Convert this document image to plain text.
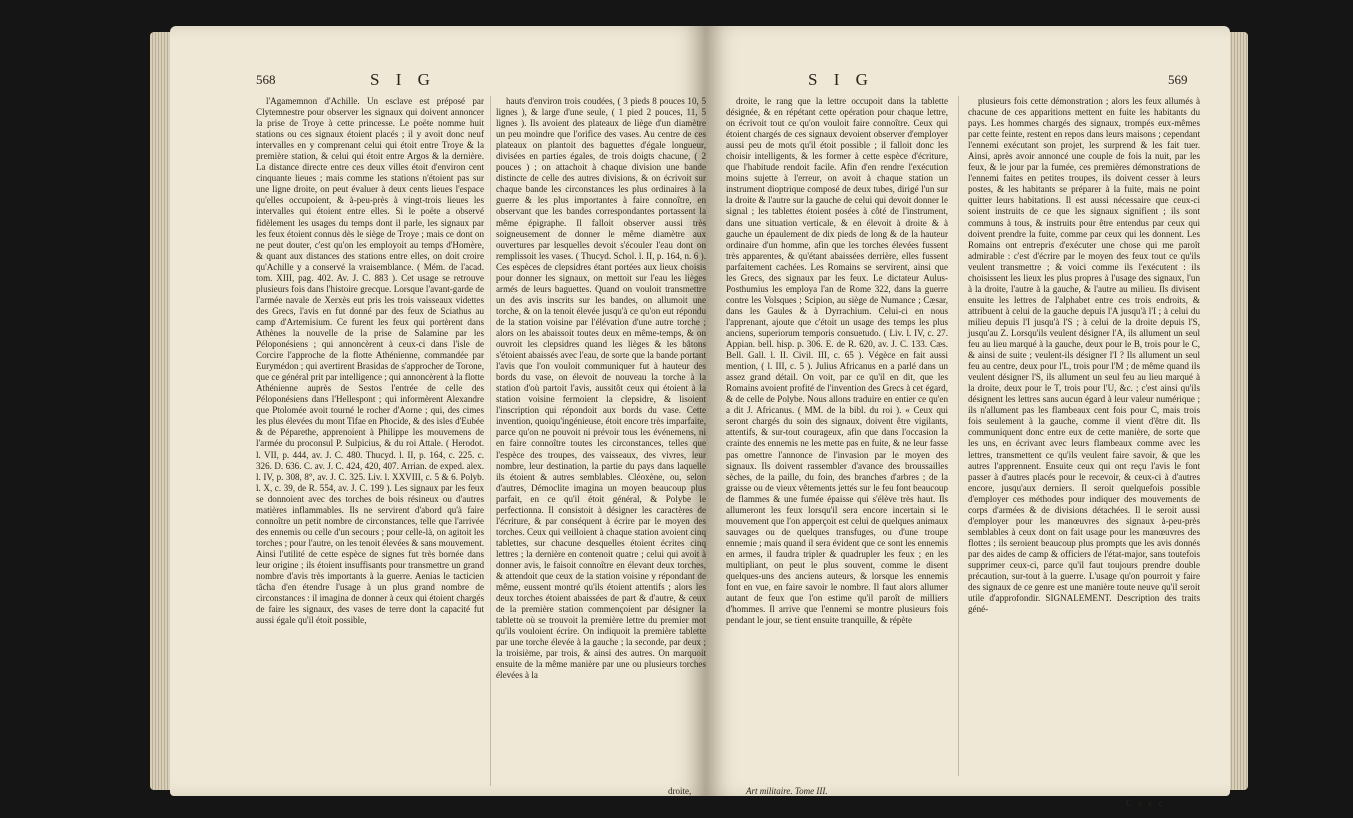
568	S I G

l'Agamemnon d'Achille. Un esclave est préposé par Clytemnestre pour observer les signaux qui doivent annoncer la prise de Troye à cette princesse. Le poëte nomme huit stations ou ces signaux étoient placés ; il y avoit donc neuf intervalles en y comprenant celui qui étoit entre Troye & la première station, & celui qui étoit entre Argos & la dernière. La distance directe entre ces deux villes étoit d'environ cent cinquante lieues ; mais comme les stations n'étoient pas sur une ligne droite, on peut évaluer à deux cents lieues l'espace qu'elles occupoient, & à-peu-près à vingt-trois lieues les intervalles qui étoient entre elles. Si le poëte a observé fidèlement les usages du temps dont il parle, les signaux par les feux étoient connus dès le siège de Troye ; mais ce dont on ne peut douter, c'est qu'on les employoit au temps d'Homère, & quant aux distances des stations entre elles, on doit croire qu'Achille y a conservé la vraisemblance. ( Mém. de l'acad. tom. XIII, pag. 402. Av. J. C. 883 ). Cet usage se retrouve plusieurs fois dans l'histoire grecque. Lorsque l'avant-garde de l'armée navale de Xerxès eut pris les trois vaisseaux videttes des Grecs, l'avis en fut donné par des feux de Sciathus au camp d'Artemisium. Ce furent les feux qui portèrent dans Athènes la nouvelle de la prise de Salamine par les Péloponésiens ; qui annoncèrent à ceux-ci dans l'isle de Corcire l'approche de la flotte Athénienne, commandée par Eurymédon ; qui avertirent Brasidas de s'approcher de Torone, que ce général prit par intelligence ; qui annoncèrent à la flotte Athénienne auprès de Sestos l'entrée de celle des Péloponésiens dans l'Hellespont ; qui informèrent Alexandre que Ptolomée avoit tourné le rocher d'Aorne ; qui, des cimes les plus élevées du mont Tifae en Phocide, & des isles d'Eubée & de Péparethe, apprenoient à Philippe les mouvemens de l'armée du proconsul P. Sulpicius, & du roi Attale. ( Herodot. l. VII, p. 444, av. J. C. 480. Thucyd. l. II, p. 164, c. 225. c. 326. D. 636. C. av. J. C. 424, 420, 407. Arrian. de exped. alex. l. IV, p. 308, 8°, av. J. C. 325. Liv. l. XXVIII, c. 5 & 6. Polyb. l. X, c. 39, de R. 554, av. J. C. 199 ). Les signaux par les feux se donnoient avec des torches de bois résineux ou d'autres matières inflammables. Ils ne servirent d'abord qu'à faire connoître un petit nombre de circonstances, telle que l'arrivée des ennemis ou celle d'un secours ; pour celle-là, on agitoit les torches ; pour l'autre, on les tenoit élevées & sans mouvement. Ainsi l'utilité de cette espèce de signes fut très bornée dans leur origine ; ils étoient insuffisants pour transmettre un grand nombre d'avis très importants à la guerre. Aenias le tacticien tâcha d'en étendre l'usage à un plus grand nombre de circonstances : il imagina de donner à ceux qui étoient chargés de faire les signaux, des vases de terre dont la capacité fut aussi égale qu'il étoit possible,

hauts d'environ trois coudées, ( 3 pieds 8 pouces 10, 5 lignes ), & large d'une seule, ( 1 pied 2 pouces, 11, 5 lignes ). Ils avoient des plateaux de liège d'un diamètre un peu moindre que l'orifice des vases. Au centre de ces plateaux on plantoit des baguettes d'égale longueur, divisées en parties égales, de trois doigts chacune, ( 2 pouces ) ; on attachoit à chaque division une bande distincte de celle des autres divisions, & on écrivoit sur chaque bande les circonstances les plus ordinaires à la guerre & les plus importantes à faire connoître, en observant que les bandes correspondantes portassent la même épigraphe. Il falloit observer aussi très soigneusement de donner le même diamètre aux ouvertures par lesquelles devoit s'écouler l'eau dont on remplissoit les vases. ( Thucyd. Schol. l. II, p. 164, n. 6 ). Ces espèces de clepsidres étant portées aux lieux choisis pour donner les signaux, on mettoit sur l'eau les lièges armés de leurs baguettes. Quand on vouloit transmettre un des avis inscrits sur les bandes, on allumoit une torche, & on la tenoit élevée jusqu'à ce qu'on eut répondu de la station voisine par l'élévation d'une autre torche ; alors on les abaissoit toutes deux en même-temps, & on ouvroit les clepsidres quand les lièges & les bâtons s'étoient abaissés avec l'eau, de sorte que la bande portant l'avis que l'on vouloit communiquer fut à hauteur des bords du vase, on élevoit de nouveau la torche à la station d'où partoit l'avis, aussitôt ceux qui étoient à la station voisine fermoient la clepsidre, & lisoient l'inscription qui répondoit aux bords du vase. Cette invention, quoiqu'ingénieuse, étoit encore très imparfaite, parce qu'on ne pouvoit ni prévoir tous les événemens, ni en faire connoître toutes les circonstances, telles que l'espèce des troupes, des vaisseaux, des vivres, leur nombre, leur destination, la partie du pays dans laquelle ils étoient & autres semblables. Cléoxène, ou, selon d'autres, Démoclite imagina un moyen beaucoup plus parfait, en ce qu'il étoit général, & Polybe le perfectionna. Il consistoit à désigner les caractères de l'écriture, & par conséquent à écrire par le moyen des torches. Ceux qui veilloient à chaque station avoient cinq tablettes, sur chacune desquelles étoient écrites cinq lettres ; la dernière en contenoit quatre ; celui qui avoit à donner avis, le faisoit connoître en élevant deux torches, & attendoit que ceux de la station voisine y répondant de même, eussent montré qu'ils étoient attentifs ; alors les deux torches étoient abaissées de part & d'autre, & ceux de la première station commençoient par désigner la tablette où se trouvoit la première lettre du premier mot qu'ils vouloient écrire. On indiquoit la première tablette par une torche élevée à la gauche ; la seconde, par deux ; la troisième, par trois, & ainsi des autres. On marquoit ensuite de la même manière par une ou plusieurs torches élevées à la

droite,
S I G	569

droite, le rang que la lettre occupoit dans la tablette désignée, & en répétant cette opération pour chaque lettre, on écrivoit tout ce qu'on vouloit faire connoître. Ceux qui étoient chargés de ces signaux devoient observer d'employer aussi peu de mots qu'il étoit possible ; il falloit donc les choisir intelligents, & les former à cette espèce d'écriture, que l'habitude rendoit facile. Afin d'en rendre l'exécution moins sujette à l'erreur, on avoit à chaque station un instrument dioptrique composé de deux tubes, dirigé l'un sur la droite & l'autre sur la gauche de celui qui devoit donner le signal ; les tablettes étoient posées à côté de l'instrument, dans une situation verticale, & en élevoit à droite & à gauche un épaulement de dix pieds de long & de la hauteur ordinaire d'un homme, afin que les torches élevées fussent très apparentes, & qu'étant abaissées derrière, elles fussent parfaitement cachées. Les Romains se servirent, ainsi que les Grecs, des signaux par les feux. Le dictateur Aulus-Posthumius les employa l'an de Rome 322, dans la guerre contre les Volsques ; Scipion, au siège de Numance ; Cæsar, dans les Gaules & à Dyrrachium. Celui-ci en nous l'apprenant, ajoute que c'étoit un usage des temps les plus anciens, superiorum temporis consuetudo. ( Liv. l. IV, c. 27. Appian. bell. hisp. p. 306. E. de R. 620, av. J. C. 133. Cæs. Bell. Gall. l. II. Civil. III, c. 65 ). Végèce en fait aussi mention, ( l. III, c. 5 ). Julius Africanus en a parlé dans un assez grand détail. On voit, par ce qu'il en dit, que les Romains avoient profité de l'invention des Grecs à cet égard, & de celle de Polybe. Nous allons traduire en entier ce qu'en a dit J. Africanus. ( MM. de la bibl. du roi ). « Ceux qui seront chargés du soin des signaux, doivent être vigilants, attentifs, & sur-tout courageux, afin que dans l'occasion la crainte des ennemis ne les mette pas en fuite, & ne leur fasse pas omettre l'annonce de l'invasion par le moyen des signaux. Ils doivent rassembler d'avance des broussailles sèches, de la paille, du foin, des branches d'arbres ; de la graisse ou de vieux vêtements jettés sur le feu font beaucoup de flammes & une fumée épaisse qui s'élève très haut. Ils allumeront les feux lorsqu'il sera encore incertain si le mouvement que l'on apperçoit est celui de quelques animaux sauvages ou de quelques transfuges, ou d'une troupe ennemie ; mais quand il sera évident que ce sont les ennemis en armes, il faudra tripler & quadrupler les feux ; en les multipliant, on peut le plus souvent, comme le disent quelques-uns des anciens auteurs, & lorsque les ennemis font en vue, en faire savoir le nombre. Il faut alors allumer autant de feux que l'on estime qu'il paroît de milliers d'hommes. Il arrive que l'ennemi se montre plusieurs fois pendant le jour, se tient ensuite tranquille, & répète

plusieurs fois cette démonstration ; alors les feux allumés à chacune de ces apparitions mettent en fuite les habitants du pays. Les hommes chargés des signaux, trompés eux-mêmes par cette feinte, restent en repos dans leurs maisons ; cependant l'ennemi exécutant son projet, les surprend & les fait tuer. Ainsi, après avoir annoncé une couple de fois la nuit, par les feux, & le jour par la fumée, ces premières démonstrations de l'ennemi faites en petites troupes, ils doivent cesser à leurs postes, & les habitants se préparer à la fuite, mais ne point quitter leurs habitations. Il est aussi nécessaire que ceux-ci soient instruits de ce que les signaux signifient ; ils sont communs à tous, & instruits pour être entendus par ceux qui doivent prendre la fuite, comme par ceux qui les donnent. Les Romains ont entrepris d'exécuter une chose qui me paroît admirable : c'est d'écrire par le moyen des feux tout ce qu'ils veulent transmettre ; & voici comme ils l'exécutent : ils choisissent les lieux les plus propres à l'usage des signaux, l'un à la droite, l'autre à la gauche, & l'autre au milieu. Ils divisent ensuite les lettres de l'alphabet entre ces trois endroits, & attribuent à celui de la gauche depuis l'A jusqu'à l'I ; à celui du milieu depuis l'I jusqu'à l'S ; à celui de la droite depuis l'S, jusqu'au Z. Lorsqu'ils veulent désigner l'A, ils allument un seul feu au lieu marqué à la gauche, deux pour le B, trois pour le C, & ainsi de suite ; veulent-ils désigner l'I ? Ils allument un seul feu au centre, deux pour l'L, trois pour l'M ; de même quand ils veulent désigner l'S, ils allument un seul feu au lieu marqué à la droite, deux pour le T, trois pour l'U, &c. ; c'est ainsi qu'ils désignent les lettres sans aucun égard à leur valeur numérique ; ils n'allument pas les flambeaux cent fois pour C, mais trois fois seulement à la gauche, comme il vient d'être dit. Ils communiquent donc entre eux de cette manière, de sorte que les uns, en écrivant avec leurs flambeaux comme avec les lettres, transmettent ce qu'ils veulent faire savoir, & que les autres l'apprennent. Ensuite ceux qui ont reçu l'avis le font passer à d'autres placés pour le recevoir, & ceux-ci à d'autres encore, jusqu'aux derniers. Il seroit quelquefois possible d'employer ces méthodes pour indiquer des mouvements de corps d'armées & de divisions détachées. Il le seroit aussi d'employer pour les manœuvres des signaux à-peu-près semblables à ceux dont on fait usage pour les manœuvres des flottes ; ils seroient beaucoup plus prompts que les avis donnés par des aides de camp & officiers de l'état-major, sans toutefois supprimer ceux-ci, parce qu'il faut toujours prendre double précaution, sur-tout à la guerre. L'usage qu'on pourroit y faire des signaux de ce genre est une manière toute neuve qu'il seroit utile d'approfondir. SIGNALEMENT. Description des traits géné-

Art militaire. Tome III.
C c c c
